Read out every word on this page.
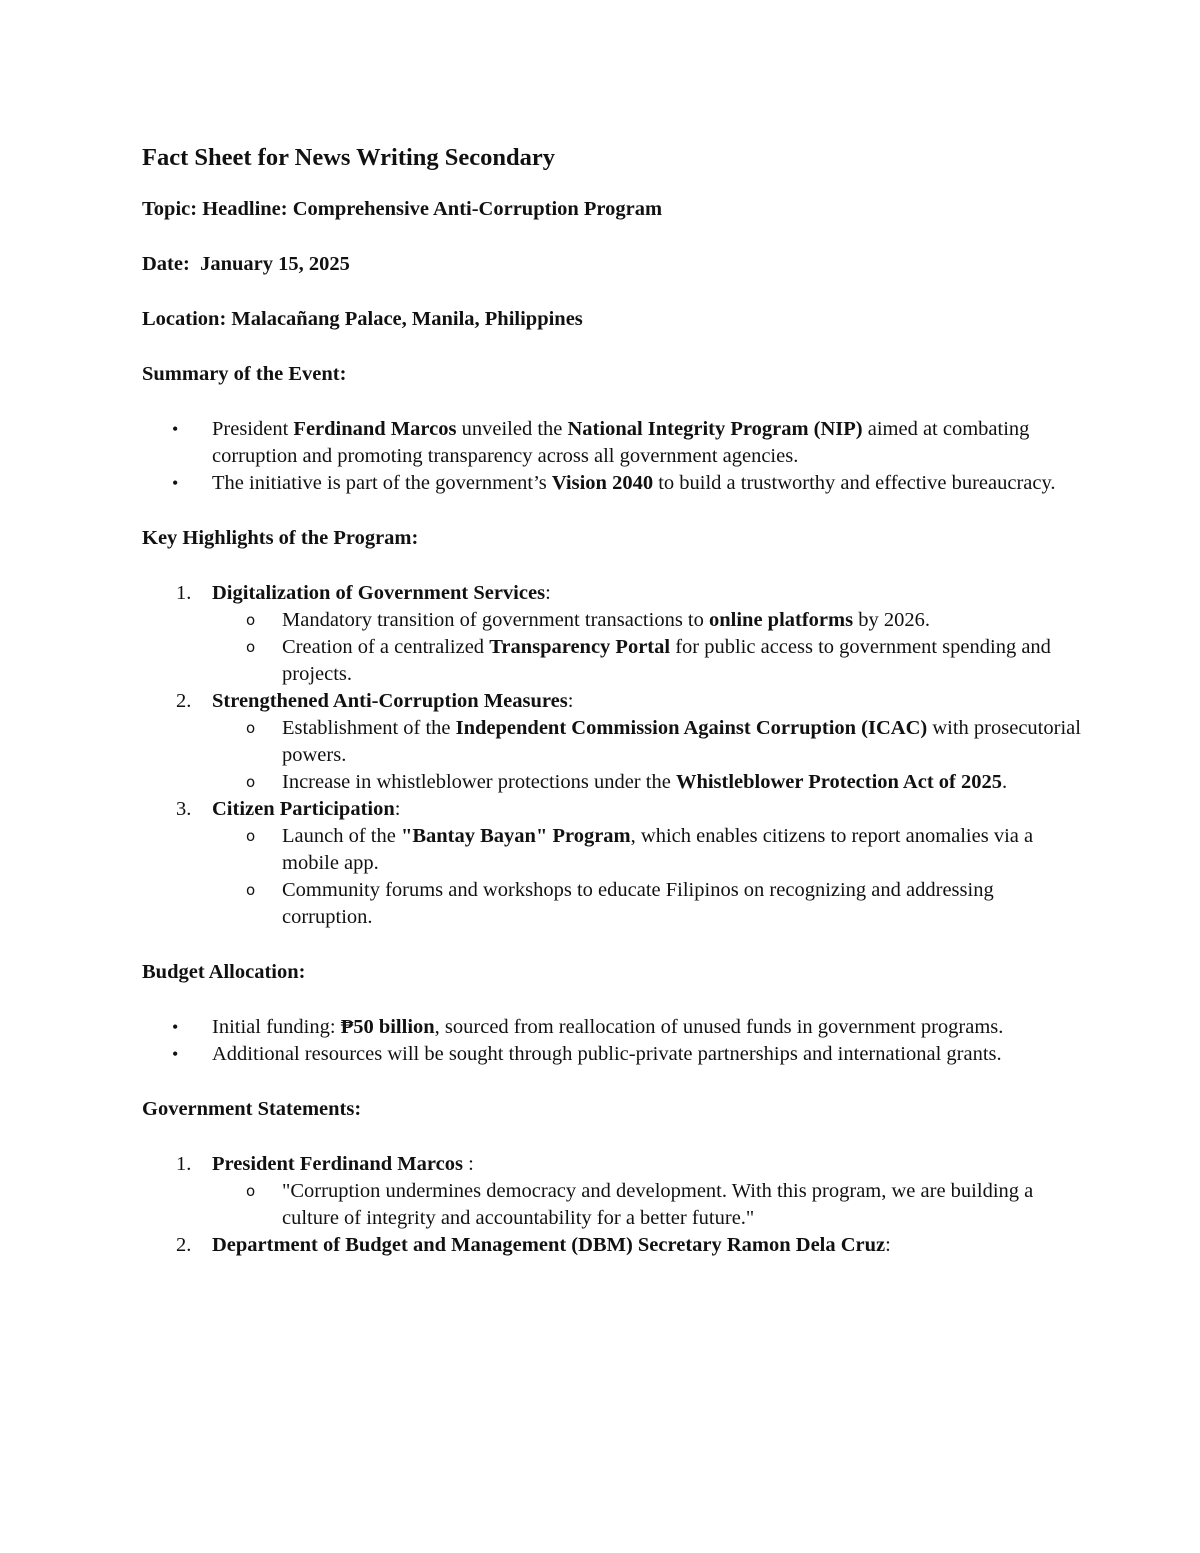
Fact Sheet for News Writing Secondary

Topic: Headline: Comprehensive Anti-Corruption Program

Date: January 15, 2025

Location: Malacañang Palace, Manila, Philippines

Summary of the Event:

• President Ferdinand Marcos unveiled the National Integrity Program (NIP) aimed at combating corruption and promoting transparency across all government agencies.
• The initiative is part of the government’s Vision 2040 to build a trustworthy and effective bureaucracy.

Key Highlights of the Program:

1. Digitalization of Government Services:
o Mandatory transition of government transactions to online platforms by 2026.
o Creation of a centralized Transparency Portal for public access to government spending and projects.
2. Strengthened Anti-Corruption Measures:
o Establishment of the Independent Commission Against Corruption (ICAC) with prosecutorial powers.
o Increase in whistleblower protections under the Whistleblower Protection Act of 2025.
3. Citizen Participation:
o Launch of the "Bantay Bayan" Program, which enables citizens to report anomalies via a mobile app.
o Community forums and workshops to educate Filipinos on recognizing and addressing corruption.

Budget Allocation:

• Initial funding: ₱50 billion, sourced from reallocation of unused funds in government programs.
• Additional resources will be sought through public-private partnerships and international grants.

Government Statements:

1. President Ferdinand Marcos :
o "Corruption undermines democracy and development. With this program, we are building a culture of integrity and accountability for a better future."
2. Department of Budget and Management (DBM) Secretary Ramon Dela Cruz:
